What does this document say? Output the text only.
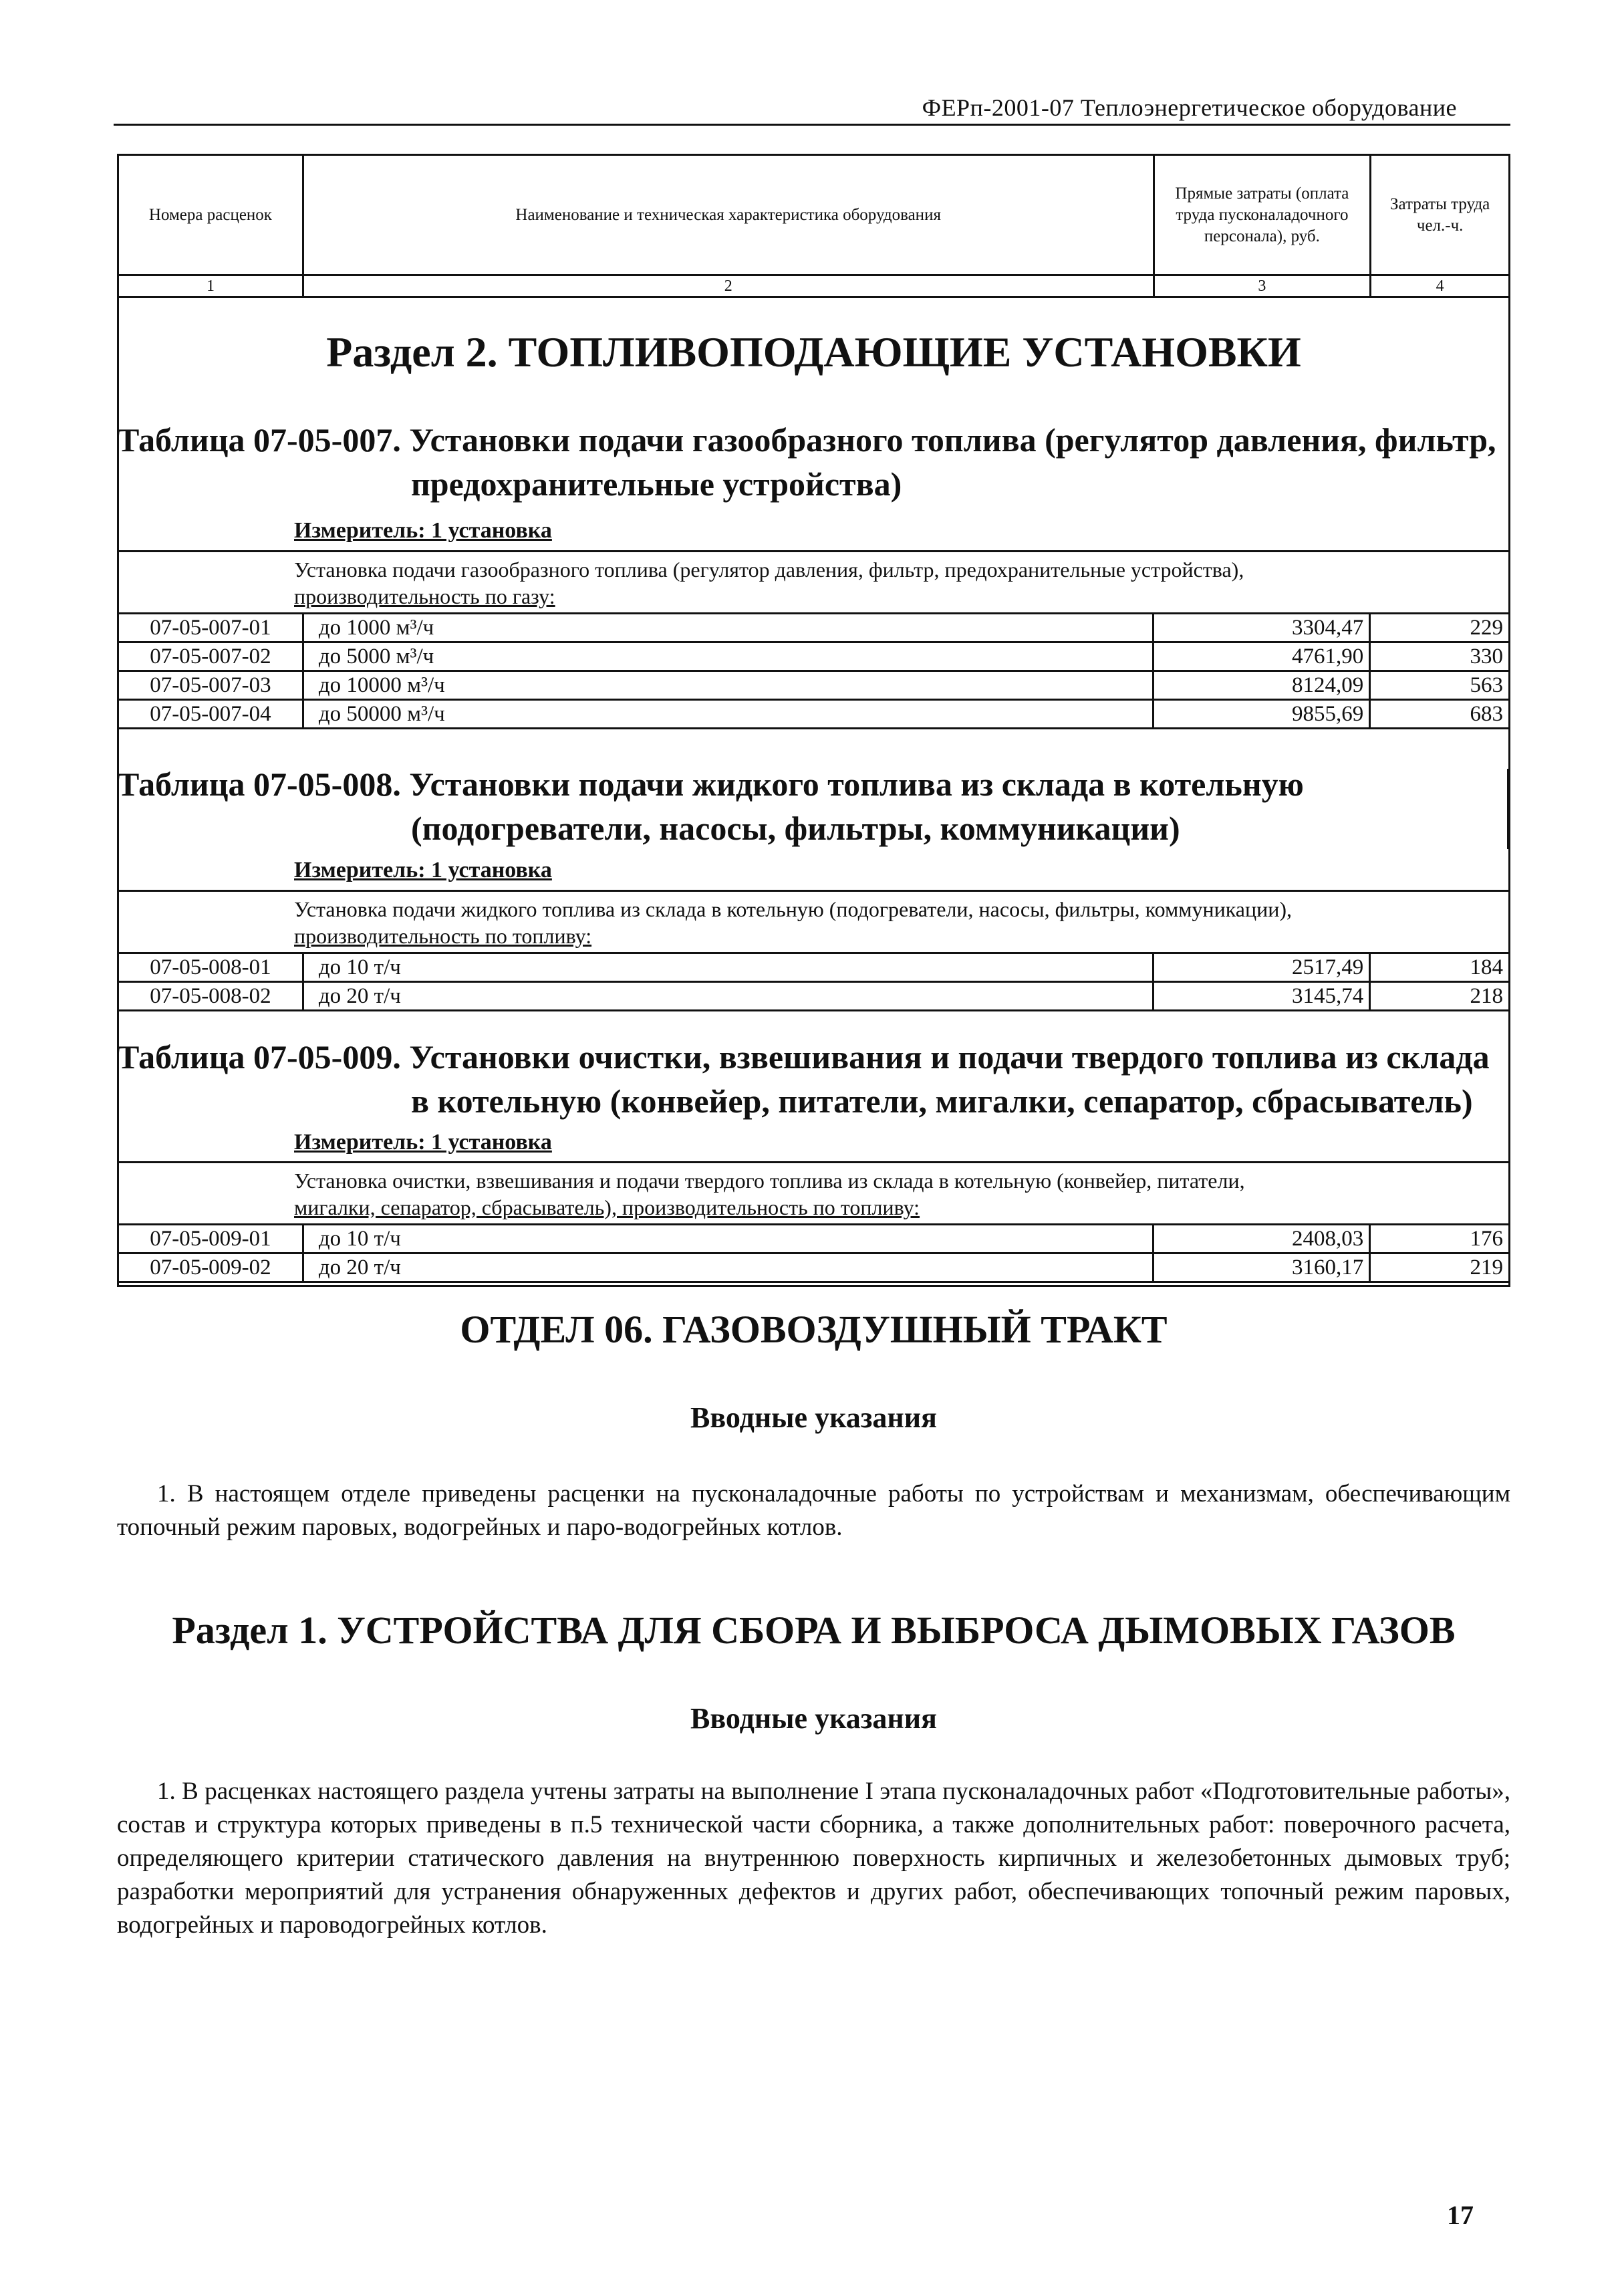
ФЕРп-2001-07 Теплоэнергетическое оборудование
Номера расценок	Наименование и техническая характеристика оборудования	Прямые затраты (оплата труда пусконаладочного персонала), руб.	Затраты труда чел.-ч.
1	2	3	4
Раздел 2. ТОПЛИВОПОДАЮЩИЕ УСТАНОВКИ
Таблица 07-05-007. Установки подачи газообразного топлива (регулятор давления, фильтр,
предохранительные устройства)
Измеритель: 1 установка
Установка подачи газообразного топлива (регулятор давления, фильтр, предохранительные устройства),
производительность по газу:
07-05-007-01	до 1000 м³/ч	3304,47	229
07-05-007-02	до 5000 м³/ч	4761,90	330
07-05-007-03	до 10000 м³/ч	8124,09	563
07-05-007-04	до 50000 м³/ч	9855,69	683
Таблица 07-05-008. Установки подачи жидкого топлива из склада в котельную
(подогреватели, насосы, фильтры, коммуникации)
Измеритель: 1 установка
Установка подачи жидкого топлива из склада в котельную (подогреватели, насосы, фильтры, коммуникации),
производительность по топливу:
07-05-008-01	до 10 т/ч	2517,49	184
07-05-008-02	до 20 т/ч	3145,74	218
Таблица 07-05-009. Установки очистки, взвешивания и подачи твердого топлива из склада
в котельную (конвейер, питатели, мигалки, сепаратор, сбрасыватель)
Измеритель: 1 установка
Установка очистки, взвешивания и подачи твердого топлива из склада в котельную (конвейер, питатели,
мигалки, сепаратор, сбрасыватель), производительность по топливу:
07-05-009-01	до 10 т/ч	2408,03	176
07-05-009-02	до 20 т/ч	3160,17	219
ОТДЕЛ 06. ГАЗОВОЗДУШНЫЙ ТРАКТ
Вводные указания
1. В настоящем отделе приведены расценки на пусконаладочные работы по устройствам и механизмам, обеспечивающим топочный режим паровых, водогрейных и паро-водогрейных котлов.
Раздел 1. УСТРОЙСТВА ДЛЯ СБОРА И ВЫБРОСА ДЫМОВЫХ ГАЗОВ
Вводные указания
1. В расценках настоящего раздела учтены затраты на выполнение I этапа пусконаладочных работ «Подготовительные работы», состав и структура которых приведены в п.5 технической части сборника, а также дополнительных работ: поверочного расчета, определяющего критерии статического давления на внутреннюю поверхность кирпичных и железобетонных дымовых труб; разработки мероприятий для устранения обнаруженных дефектов и других работ, обеспечивающих топочный режим паровых, водогрейных и пароводогрейных котлов.
17
